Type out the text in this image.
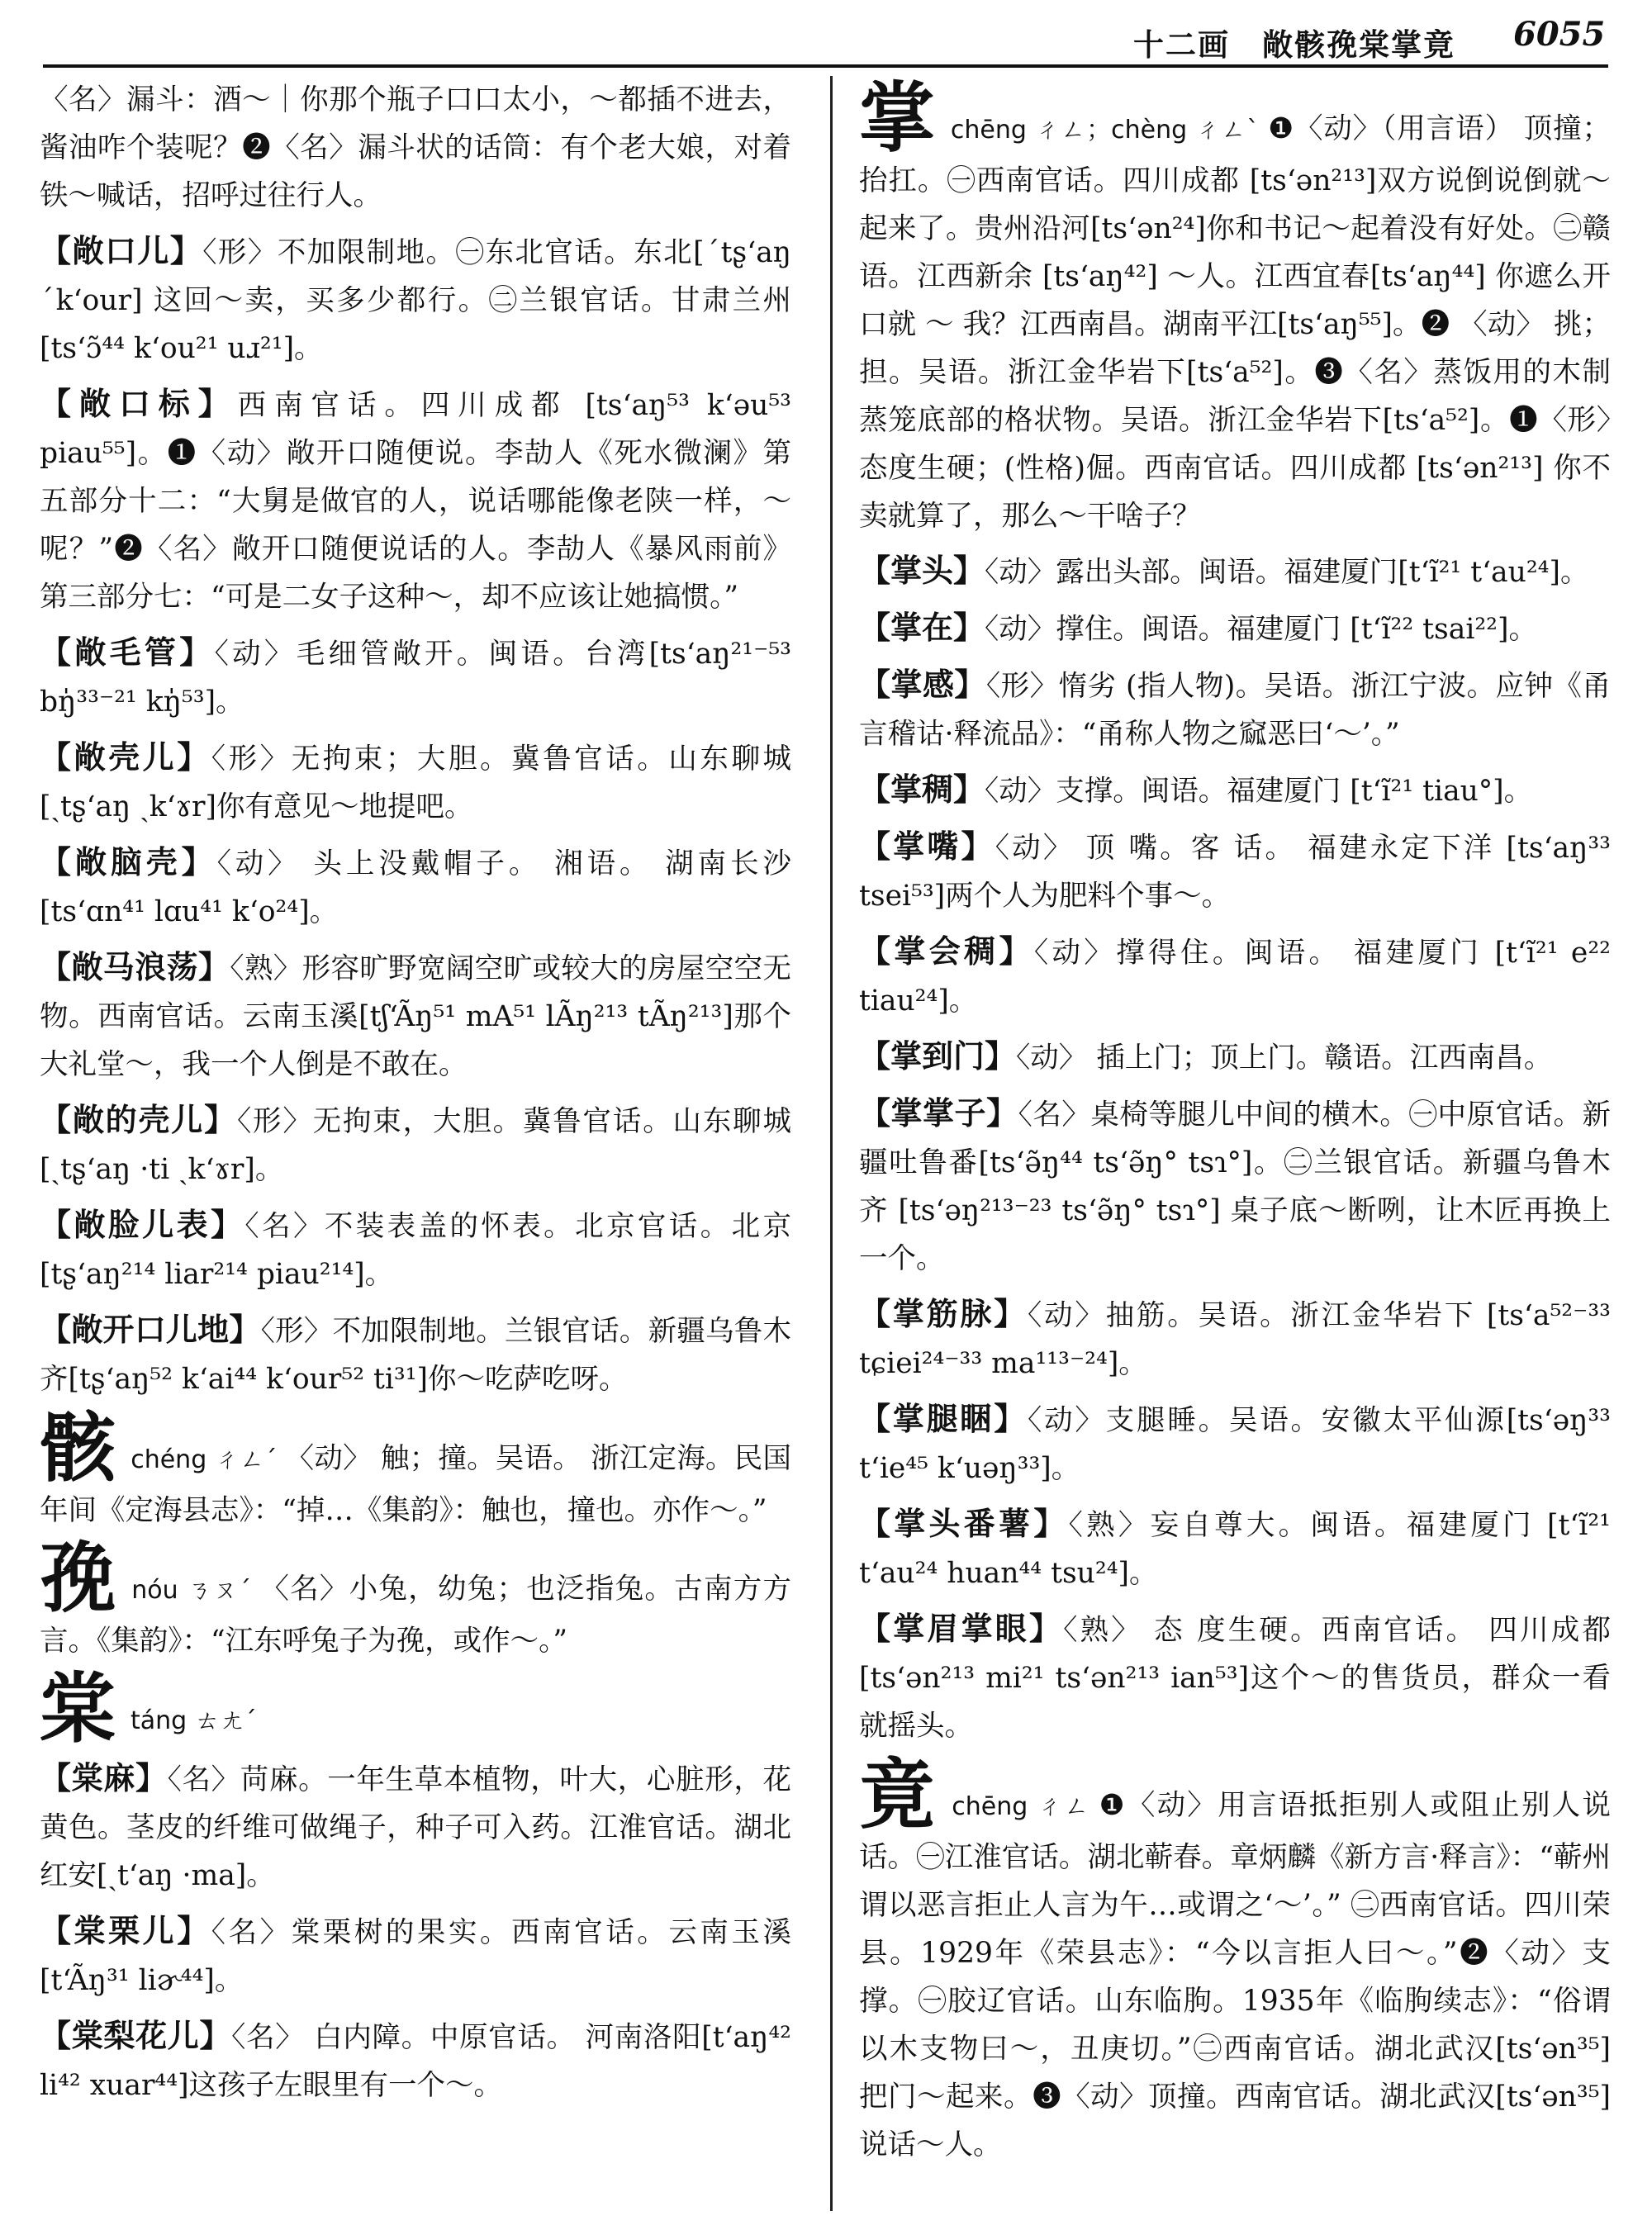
十二画　敞骸㝃棠掌竟 6055
〈名〉漏斗：酒～｜你那个瓶子口口太小，～都插不进去，酱油咋个装呢？❷〈名〉漏斗状的话筒：有个老大娘，对着铁～喊话，招呼过往行人。
【敞口儿】〈形〉不加限制地。㊀东北官话。东北[ˊtʂʻaŋ ˊkʻour] 这回～卖，买多少都行。㊁兰银官话。甘肃兰州[tsʻɔ̃⁴⁴ kʻou²¹ uɹ²¹]。
【敞口标】西南官话。四川成都 [tsʻaŋ⁵³ kʻəu⁵³ piau⁵⁵]。❶〈动〉敞开口随便说。李劼人《死水微澜》第五部分十二：“大舅是做官的人，说话哪能像老陕一样，～呢？”❷〈名〉敞开口随便说话的人。李劼人《暴风雨前》第三部分七：“可是二女子这种～，却不应该让她搞惯。”
【敞毛管】〈动〉毛细管敞开。闽语。台湾[tsʻaŋ²¹⁻⁵³ bŋ̍³³⁻²¹ kŋ̍⁵³]。
【敞壳儿】〈形〉无拘束；大胆。冀鲁官话。山东聊城[ˏtʂʻaŋ ˏkʻɤr]你有意见～地提吧。
【敞脑壳】〈动〉 头上没戴帽子。 湘语。 湖南长沙[tsʻɑn⁴¹ lɑu⁴¹ kʻo²⁴]。
【敞马浪荡】〈熟〉形容旷野宽阔空旷或较大的房屋空空无物。西南官话。云南玉溪[tʃʻÃŋ⁵¹ mA⁵¹ lÃŋ²¹³ tÃŋ²¹³]那个大礼堂～，我一个人倒是不敢在。
【敞的壳儿】〈形〉无拘束，大胆。冀鲁官话。山东聊城[ˏtʂʻaŋ ·ti ˏkʻɤr]。
【敞脸儿表】〈名〉不装表盖的怀表。北京官话。北京[tʂʻaŋ²¹⁴ liar²¹⁴ piau²¹⁴]。
【敞开口儿地】〈形〉不加限制地。兰银官话。新疆乌鲁木齐[tʂʻaŋ⁵² kʻai⁴⁴ kʻour⁵² ti³¹]你～吃萨吃呀。
骸chéng ㄔㄥˊ 〈动〉 触；撞。吴语。 浙江定海。民国年间《定海县志》：“掉…《集韵》：触也，撞也。亦作～。”
㝃nóu ㄋㄡˊ 〈名〉小兔，幼兔；也泛指兔。古南方方言。《集韵》：“江东呼兔子为㝃，或作～。”
棠táng ㄊㄤˊ
【棠麻】〈名〉苘麻。一年生草本植物，叶大，心脏形，花黄色。茎皮的纤维可做绳子，种子可入药。江淮官话。湖北红安[ˏtʻaŋ ·ma]。
【棠栗儿】〈名〉棠栗树的果实。西南官话。云南玉溪[tʻÃŋ³¹ liɚ⁴⁴]。
【棠梨花儿】〈名〉 白内障。中原官话。 河南洛阳[tʻaŋ⁴² li⁴² xuar⁴⁴]这孩子左眼里有一个～。
掌chēng ㄔㄥ；chèng ㄔㄥˋ ❶〈动〉（用言语） 顶撞；抬扛。㊀西南官话。四川成都 [tsʻən²¹³]双方说倒说倒就～起来了。贵州沿河[tsʻən²⁴]你和书记～起着没有好处。㊁赣语。江西新余 [tsʻaŋ⁴²] ～人。江西宜春[tsʻaŋ⁴⁴] 你遮么开口就 ～ 我？江西南昌。湖南平江[tsʻaŋ⁵⁵]。❷ 〈动〉 挑；担。吴语。浙江金华岩下[tsʻa⁵²]。❸〈名〉蒸饭用的木制蒸笼底部的格状物。吴语。浙江金华岩下[tsʻa⁵²]。❶〈形〉态度生硬；(性格)倔。西南官话。四川成都 [tsʻən²¹³] 你不卖就算了，那么～干啥子？
【掌头】〈动〉露出头部。闽语。福建厦门[tʻĩ²¹ tʻau²⁴]。
【掌在】〈动〉撑住。闽语。福建厦门 [tʻĩ²² tsai²²]。
【掌感】〈形〉惰劣 (指人物)。吴语。浙江宁波。应钟《甬言稽诂·释流品》：“甬称人物之窳恶曰‘～’。”
【掌稠】〈动〉支撑。闽语。福建厦门 [tʻĩ²¹ tiau°]。
【掌嘴】〈动〉 顶 嘴。客 话。 福建永定下洋 [tsʻaŋ³³ tsei⁵³]两个人为肥料个事～。
【掌会稠】〈动〉撑得住。闽语。 福建厦门 [tʻĩ²¹ e²² tiau²⁴]。
【掌到门】〈动〉 插上门；顶上门。赣语。江西南昌。
【掌掌子】〈名〉桌椅等腿儿中间的横木。㊀中原官话。新疆吐鲁番[tsʻə̃ŋ⁴⁴ tsʻə̃ŋ° tsɿ°]。㊁兰银官话。新疆乌鲁木齐 [tsʻəŋ²¹³⁻²³ tsʻə̃ŋ° tsɿ°] 桌子底～断咧，让木匠再换上一个。
【掌筋脉】〈动〉抽筋。吴语。浙江金华岩下 [tsʻa⁵²⁻³³ tɕiei²⁴⁻³³ ma¹¹³⁻²⁴]。
【掌腿睏】〈动〉支腿睡。吴语。安徽太平仙源[tsʻəŋ³³ tʻie⁴⁵ kʻuəŋ³³]。
【掌头番薯】〈熟〉妄自尊大。闽语。福建厦门 [tʻĩ²¹ tʻau²⁴ huan⁴⁴ tsu²⁴]。
【掌眉掌眼】〈熟〉 态 度生硬。西南官话。 四川成都[tsʻən²¹³ mi²¹ tsʻən²¹³ ian⁵³]这个～的售货员，群众一看就摇头。
竟chēng ㄔㄥ ❶〈动〉用言语抵拒别人或阻止别人说话。㊀江淮官话。湖北蕲春。章炳麟《新方言·释言》：“蕲州谓以恶言拒止人言为午…或谓之‘～’。” ㊁西南官话。四川荣县。1929年《荣县志》：“今以言拒人曰～。”❷〈动〉支撑。㊀胶辽官话。山东临朐。1935年《临朐续志》：“俗谓以木支物曰～，丑庚切。”㊁西南官话。湖北武汉[tsʻən³⁵] 把门～起来。❸〈动〉顶撞。西南官话。湖北武汉[tsʻən³⁵]说话～人。
